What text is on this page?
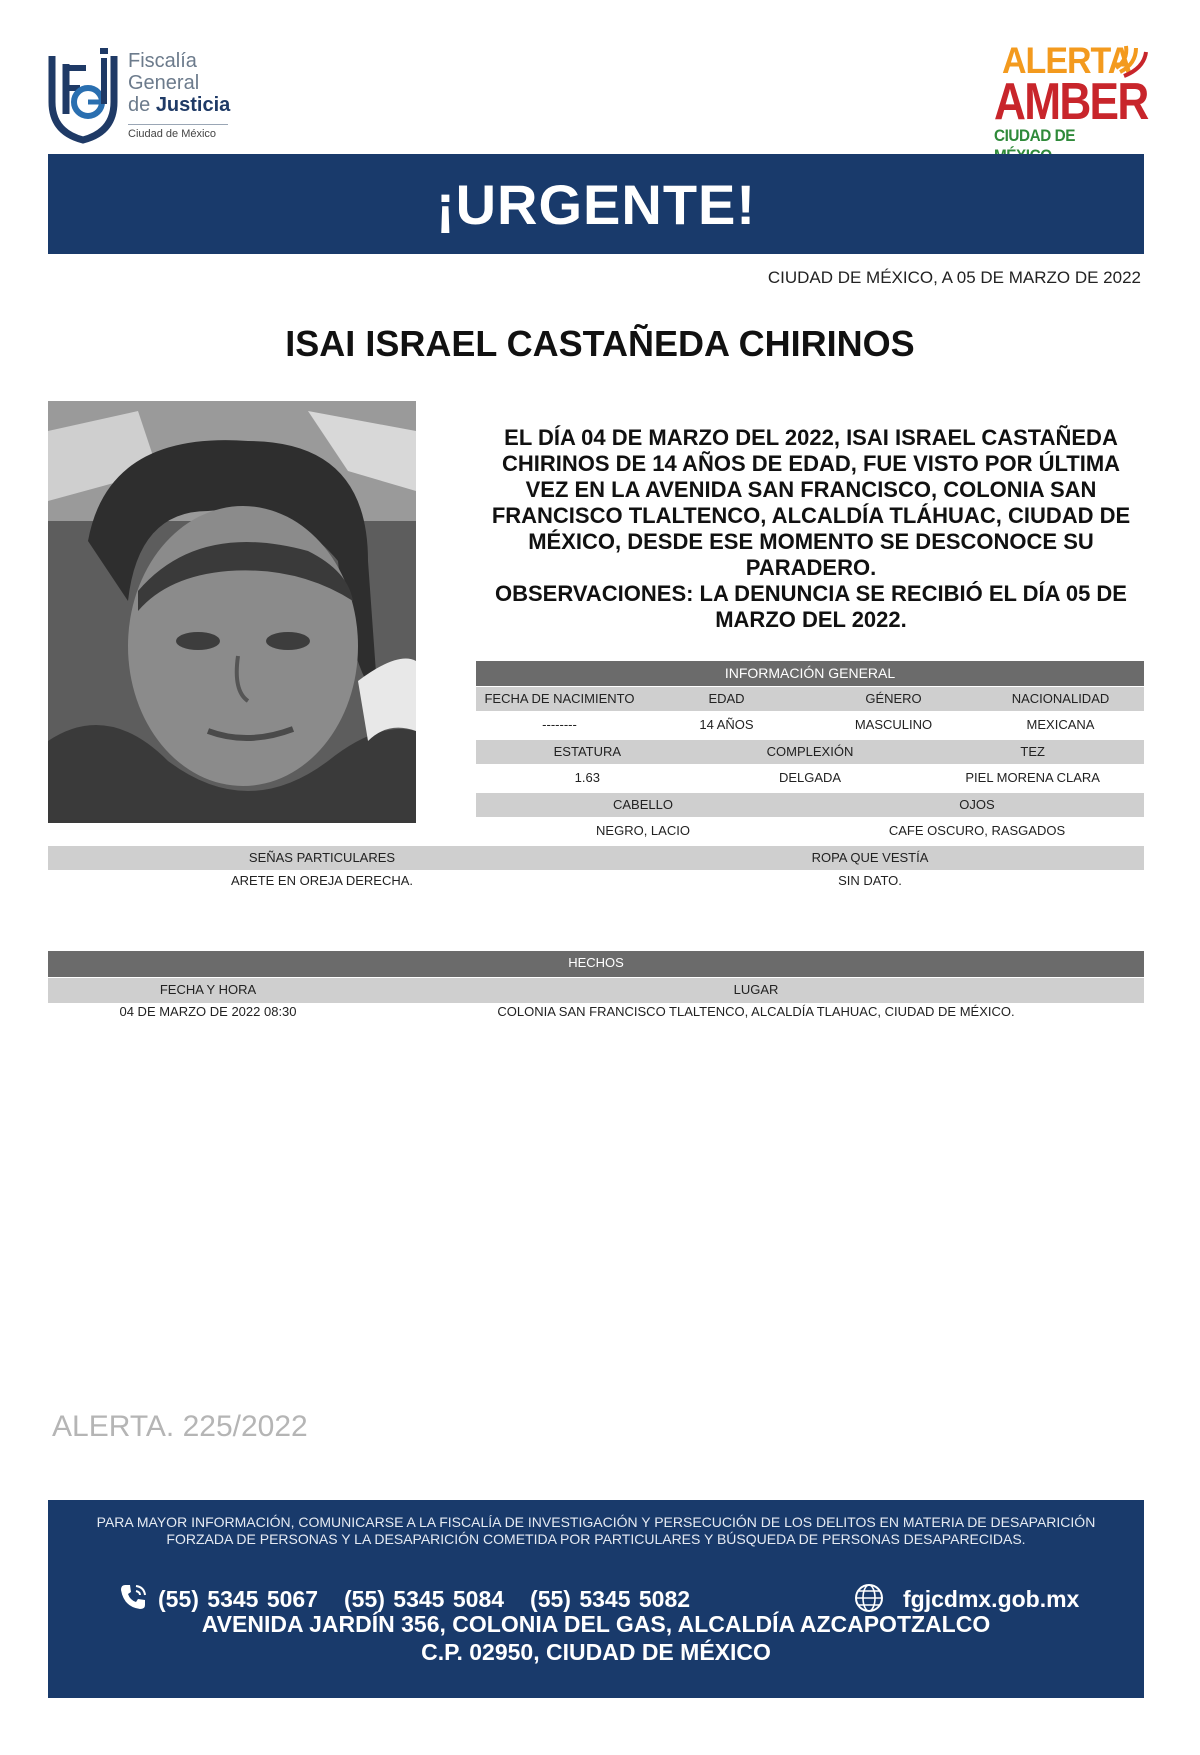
Fiscalía
General
de Justicia
Ciudad de México
ALERTA
AMBER
CIUDAD DE
¡URGENTE!
CIUDAD DE MÉXICO, A 05 DE MARZO DE 2022
ISAI ISRAEL CASTAÑEDA CHIRINOS

EL DÍA 04 DE MARZO DEL 2022, ISAI ISRAEL CASTAÑEDA CHIRINOS DE 14 AÑOS DE EDAD, FUE VISTO POR ÚLTIMA VEZ EN LA AVENIDA SAN FRANCISCO, COLONIA SAN FRANCISCO TLALTENCO, ALCALDÍA TLÁHUAC, CIUDAD DE MÉXICO, DESDE ESE MOMENTO SE DESCONOCE SU PARADERO.

OBSERVACIONES: LA DENUNCIA SE RECIBIÓ EL DÍA 05 DE MARZO DEL 2022.

INFORMACIÓN GENERAL
FECHA DE NACIMIENTO	EDAD	GÉNERO	NACIONALIDAD
--------	14 AÑOS	MASCULINO	MEXICANA
ESTATURA	COMPLEXIÓN	TEZ
1.63	DELGADA	PIEL MORENA CLARA
CABELLO	OJOS
NEGRO, LACIO	CAFE OSCURO, RASGADOS
SEÑAS PARTICULARES	ROPA QUE VESTÍA
ARETE EN OREJA DERECHA.	SIN DATO.
HECHOS
FECHA Y HORA	LUGAR
04 DE MARZO DE 2022 08:30	COLONIA SAN FRANCISCO TLALTENCO, ALCALDÍA TLAHUAC, CIUDAD DE MÉXICO.
ALERTA. 225/2022
PARA MAYOR INFORMACIÓN, COMUNICARSE A LA FISCALÍA DE INVESTIGACIÓN Y PERSECUCIÓN DE LOS DELITOS EN MATERIA DE DESAPARICIÓN
FORZADA DE PERSONAS Y LA DESAPARICIÓN COMETIDA POR PARTICULARES Y BÚSQUEDA DE PERSONAS DESAPARECIDAS.
(55) 5345 5067 (55) 5345 5084 (55) 5345 5082	fgjcdmx.gob.mx
AVENIDA JARDÍN 356, COLONIA DEL GAS, ALCALDÍA AZCAPOTZALCO
C.P. 02950, CIUDAD DE MÉXICO
